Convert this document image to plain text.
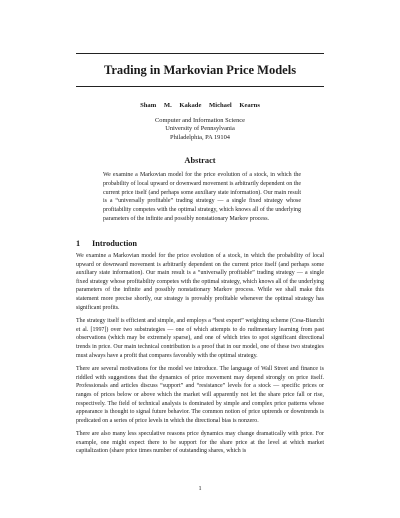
Trading in Markovian Price Models
Sham M. Kakade Michael Kearns
Computer and Information Science
University of Pennsylvania
Philadelphia, PA 19104
Abstract
We examine a Markovian model for the price evolution of a stock, in which the probability of local upward or downward movement is arbitrarily dependent on the current price itself (and perhaps some auxiliary state information). Our main result is a “universally profitable” trading strategy — a single fixed strategy whose profitability competes with the optimal strategy, which knows all of the underlying parameters of the infinite and possibly nonstationary Markov process.
1 Introduction

We examine a Markovian model for the price evolution of a stock, in which the probability of local upward or downward movement is arbitrarily dependent on the current price itself (and perhaps some auxiliary state information). Our main result is a “universally profitable” trading strategy — a single fixed strategy whose profitability competes with the optimal strategy, which knows all of the underlying parameters of the infinite and possibly nonstationary Markov process. While we shall make this statement more precise shortly, our strategy is provably profitable whenever the optimal strategy has significant profits.

The strategy itself is efficient and simple, and employs a “best expert” weighting scheme (Cesa-Bianchi et al. [1997]) over two substrategies — one of which attempts to do rudimentary learning from past observations (which may be extremely sparse), and one of which tries to spot significant directional trends in price. Our main technical contribution is a proof that in our model, one of these two strategies must always have a profit that compares favorably with the optimal strategy.

There are several motivations for the model we introduce. The language of Wall Street and finance is riddled with suggestions that the dynamics of price movement may depend strongly on price itself. Professionals and articles discuss “support” and “resistance” levels for a stock — specific prices or ranges of prices below or above which the market will apparently not let the share price fall or rise, respectively. The field of technical analysis is dominated by simple and complex price patterns whose appearance is thought to signal future behavior. The common notion of price uptrends or downtrends is predicated on a series of price levels in which the directional bias is nonzero.

There are also many less speculative reasons price dynamics may change dramatically with price. For example, one might expect there to be support for the share price at the level at which market capitalization (share price times number of outstanding shares, which is

1
